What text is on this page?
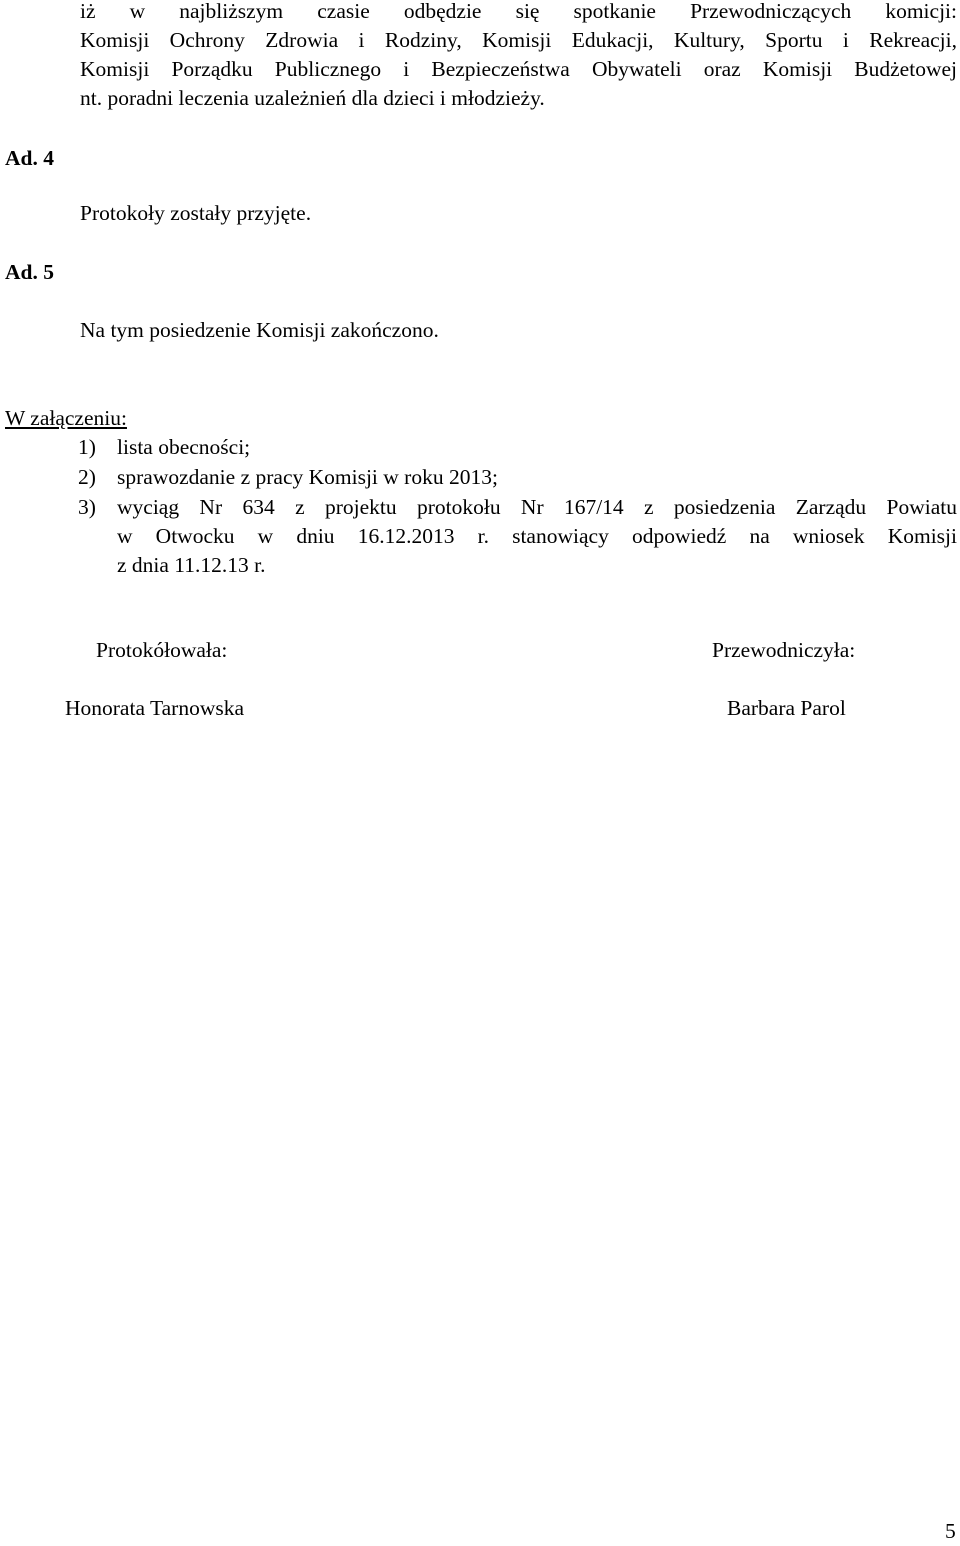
iż w najbliższym czasie odbędzie się spotkanie Przewodniczących komicji:
Komisji Ochrony Zdrowia i Rodziny, Komisji Edukacji, Kultury, Sportu i Rekreacji,
Komisji Porządku Publicznego i Bezpieczeństwa Obywateli oraz Komisji Budżetowej
nt. poradni leczenia uzależnień dla dzieci i młodzieży.
Ad. 4
Protokoły zostały przyjęte.
Ad. 5
Na tym posiedzenie Komisji zakończono.
W załączeniu:
1) lista obecności;
2) sprawozdanie z pracy Komisji w roku 2013;
3) wyciąg Nr 634 z projektu protokołu Nr 167/14 z posiedzenia Zarządu Powiatu
w Otwocku w dniu 16.12.2013 r. stanowiący odpowiedź na wniosek Komisji
z dnia 11.12.13 r.
Protokółowała:
Honorata Tarnowska
Przewodniczyła:
Barbara Parol
5
